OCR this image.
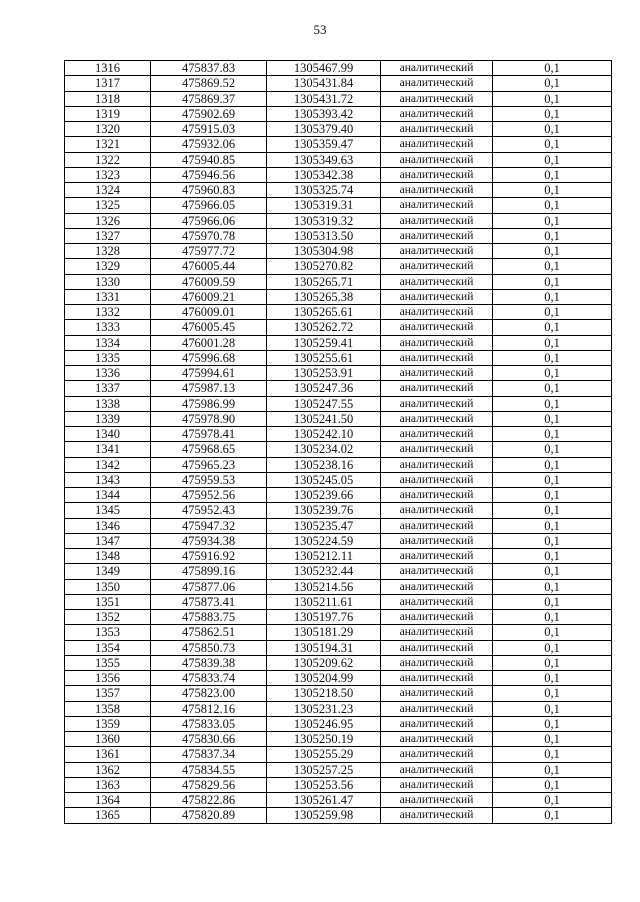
53
1316	475837.83	1305467.99	аналитический	0,1
1317	475869.52	1305431.84	аналитический	0,1
1318	475869.37	1305431.72	аналитический	0,1
1319	475902.69	1305393.42	аналитический	0,1
1320	475915.03	1305379.40	аналитический	0,1
1321	475932.06	1305359.47	аналитический	0,1
1322	475940.85	1305349.63	аналитический	0,1
1323	475946.56	1305342.38	аналитический	0,1
1324	475960.83	1305325.74	аналитический	0,1
1325	475966.05	1305319.31	аналитический	0,1
1326	475966.06	1305319.32	аналитический	0,1
1327	475970.78	1305313.50	аналитический	0,1
1328	475977.72	1305304.98	аналитический	0,1
1329	476005.44	1305270.82	аналитический	0,1
1330	476009.59	1305265.71	аналитический	0,1
1331	476009.21	1305265.38	аналитический	0,1
1332	476009.01	1305265.61	аналитический	0,1
1333	476005.45	1305262.72	аналитический	0,1
1334	476001.28	1305259.41	аналитический	0,1
1335	475996.68	1305255.61	аналитический	0,1
1336	475994.61	1305253.91	аналитический	0,1
1337	475987.13	1305247.36	аналитический	0,1
1338	475986.99	1305247.55	аналитический	0,1
1339	475978.90	1305241.50	аналитический	0,1
1340	475978.41	1305242.10	аналитический	0,1
1341	475968.65	1305234.02	аналитический	0,1
1342	475965.23	1305238.16	аналитический	0,1
1343	475959.53	1305245.05	аналитический	0,1
1344	475952.56	1305239.66	аналитический	0,1
1345	475952.43	1305239.76	аналитический	0,1
1346	475947.32	1305235.47	аналитический	0,1
1347	475934.38	1305224.59	аналитический	0,1
1348	475916.92	1305212.11	аналитический	0,1
1349	475899.16	1305232.44	аналитический	0,1
1350	475877.06	1305214.56	аналитический	0,1
1351	475873.41	1305211.61	аналитический	0,1
1352	475883.75	1305197.76	аналитический	0,1
1353	475862.51	1305181.29	аналитический	0,1
1354	475850.73	1305194.31	аналитический	0,1
1355	475839.38	1305209.62	аналитический	0,1
1356	475833.74	1305204.99	аналитический	0,1
1357	475823.00	1305218.50	аналитический	0,1
1358	475812.16	1305231.23	аналитический	0,1
1359	475833.05	1305246.95	аналитический	0,1
1360	475830.66	1305250.19	аналитический	0,1
1361	475837.34	1305255.29	аналитический	0,1
1362	475834.55	1305257.25	аналитический	0,1
1363	475829.56	1305253.56	аналитический	0,1
1364	475822.86	1305261.47	аналитический	0,1
1365	475820.89	1305259.98	аналитический	0,1
